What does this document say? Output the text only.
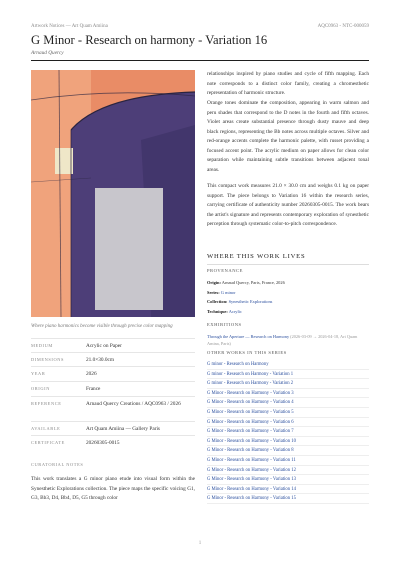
Artwork Notices — Art Quam Amiina	AQC0963 - NTC-000059
G Minor - Research on harmony - Variation 16
Arnaud Quercy
Where piano harmonics become visible through precise color mapping
MEDIUM	Acrylic on Paper
DIMENSIONS	21.0×30.0cm
YEAR	2026
ORIGIN	France
REFERENCE	Arnaud Quercy Creations / AQC0963 / 2026
AVAILABLE	Art Quam Amiina — Gallery Paris
CERTIFICATE	20260305-0015
CURATORIAL NOTES
This work translates a G minor piano etude into visual form within the Synesthetic Explorations collection. The piece maps the specific voicing G1, G3, Bb3, D4, Bb4, D5, G5 through color
relationships inspired by piano studies and cycle of fifth mapping. Each note corresponds to a distinct color family, creating a chromesthetic representation of harmonic structure.
Orange tones dominate the composition, appearing in warm salmon and peru shades that correspond to the D notes in the fourth and fifth octaves. Violet areas create substantial presence through dusty mauve and deep black regions, representing the Bb notes across multiple octaves. Silver and red-orange accents complete the harmonic palette, with russet providing a focused accent point. The acrylic medium on paper allows for clean color separation while maintaining subtle transitions between adjacent tonal areas.
This compact work measures 21.0 × 30.0 cm and weighs 0.1 kg on paper support. The piece belongs to Variation 16 within the research series, carrying certificate of authenticity number 20260305-0015. The work bears the artist's signature and represents contemporary exploration of synesthetic perception through systematic color-to-pitch correspondence.
WHERE THIS WORK LIVES
PROVENANCE
Origin: Arnaud Quercy, Paris, France, 2026
Series: G minor
Collection: Synesthetic Explorations
Technique: Acrylic
EXHIBITIONS
Through the Aperture — Research on Harmony (2026-03-09 → 2026-04-18, Art Quam Amina, Paris)
OTHER WORKS IN THIS SERIES
G minor - Research on Harmony
G minor - Research on Harmony - Variation 1
G minor - Research on Harmony - Variation 2
G Minor - Research on Harmony - Variation 3
G Minor - Research on Harmony - Variation 4
G Minor - Research on Harmony - Variation 5
G Minor - Research on Harmony - Variation 6
G Minor - Research on Harmony - Variation 7
G Minor - Research on Harmony - Variation 10
G Minor - Research on Harmony - Variation 8
G Minor - Research on Harmony - Variation 11
G Minor - Research on Harmony - Variation 12
G Minor - Research on Harmony - Variation 13
G Minor - Research on Harmony - Variation 14
G Minor - Research on Harmony - Variation 15
1
